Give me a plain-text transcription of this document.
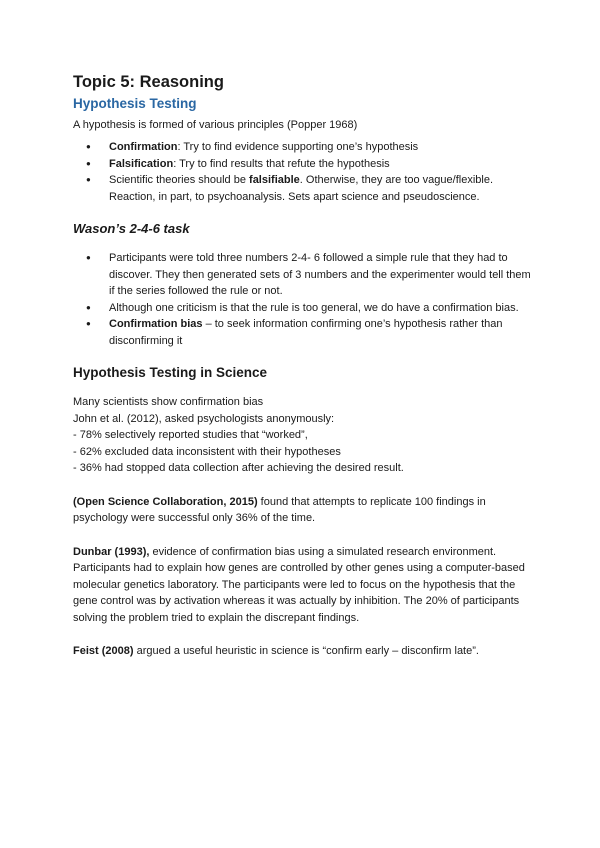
Topic 5: Reasoning
Hypothesis Testing

A hypothesis is formed of various principles (Popper 1968)

● Confirmation: Try to find evidence supporting one’s hypothesis
● Falsification: Try to find results that refute the hypothesis
● Scientific theories should be falsifiable. Otherwise, they are too vague/flexible. Reaction, in part, to psychoanalysis. Sets apart science and pseudoscience.
Wason’s 2-4-6 task
● Participants were told three numbers 2-4- 6 followed a simple rule that they had to discover. They then generated sets of 3 numbers and the experimenter would tell them if the series followed the rule or not.
● Although one criticism is that the rule is too general, we do have a confirmation bias.
● Confirmation bias – to seek information confirming one’s hypothesis rather than disconfirming it
Hypothesis Testing in Science

Many scientists show confirmation bias

John et al. (2012), asked psychologists anonymously:

- 78% selectively reported studies that “worked”,

- 62% excluded data inconsistent with their hypotheses

- 36% had stopped data collection after achieving the desired result.

(Open Science Collaboration, 2015) found that attempts to replicate 100 findings in psychology were successful only 36% of the time.

Dunbar (1993), evidence of confirmation bias using a simulated research environment. Participants had to explain how genes are controlled by other genes using a computer-based molecular genetics laboratory. The participants were led to focus on the hypothesis that the gene control was by activation whereas it was actually by inhibition. The 20% of participants solving the problem tried to explain the discrepant findings.

Feist (2008) argued a useful heuristic in science is “confirm early – disconfirm late”.
